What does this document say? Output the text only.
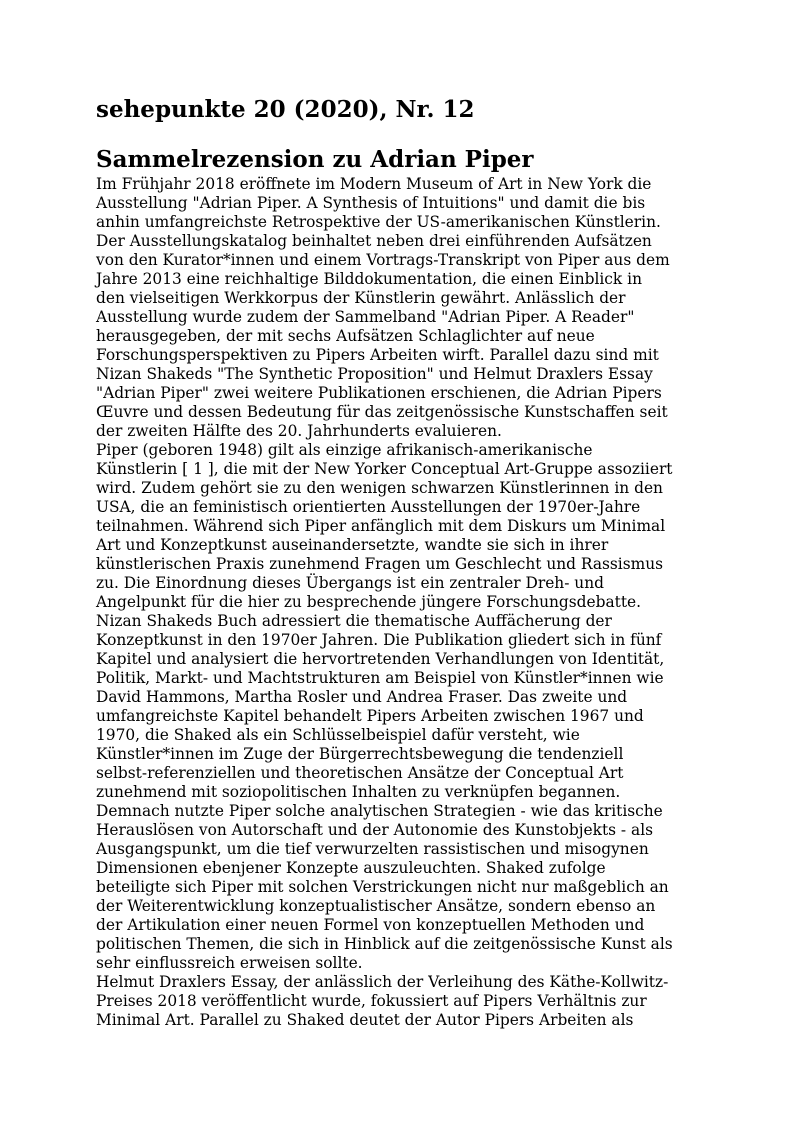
sehepunkte 20 (2020), Nr. 12
Sammelrezension zu Adrian Piper

Im Frühjahr 2018 eröffnete im Modern Museum of Art in New York die
Ausstellung "Adrian Piper. A Synthesis of Intuitions" und damit die bis
anhin umfangreichste Retrospektive der US-amerikanischen Künstlerin.
Der Ausstellungskatalog beinhaltet neben drei einführenden Aufsätzen
von den Kurator*innen und einem Vortrags-Transkript von Piper aus dem
Jahre 2013 eine reichhaltige Bilddokumentation, die einen Einblick in
den vielseitigen Werkkorpus der Künstlerin gewährt. Anlässlich der
Ausstellung wurde zudem der Sammelband "Adrian Piper. A Reader"
herausgegeben, der mit sechs Aufsätzen Schlaglichter auf neue
Forschungsperspektiven zu Pipers Arbeiten wirft. Parallel dazu sind mit
Nizan Shakeds "The Synthetic Proposition" und Helmut Draxlers Essay
"Adrian Piper" zwei weitere Publikationen erschienen, die Adrian Pipers
Œuvre und dessen Bedeutung für das zeitgenössische Kunstschaffen seit
der zweiten Hälfte des 20. Jahrhunderts evaluieren.

Piper (geboren 1948) gilt als einzige afrikanisch-amerikanische
Künstlerin [ 1 ], die mit der New Yorker Conceptual Art-Gruppe assoziiert
wird. Zudem gehört sie zu den wenigen schwarzen Künstlerinnen in den
USA, die an feministisch orientierten Ausstellungen der 1970er-Jahre
teilnahmen. Während sich Piper anfänglich mit dem Diskurs um Minimal
Art und Konzeptkunst auseinandersetzte, wandte sie sich in ihrer
künstlerischen Praxis zunehmend Fragen um Geschlecht und Rassismus
zu. Die Einordnung dieses Übergangs ist ein zentraler Dreh- und
Angelpunkt für die hier zu besprechende jüngere Forschungsdebatte.

Nizan Shakeds Buch adressiert die thematische Auffächerung der
Konzeptkunst in den 1970er Jahren. Die Publikation gliedert sich in fünf
Kapitel und analysiert die hervortretenden Verhandlungen von Identität,
Politik, Markt- und Machtstrukturen am Beispiel von Künstler*innen wie
David Hammons, Martha Rosler und Andrea Fraser. Das zweite und
umfangreichste Kapitel behandelt Pipers Arbeiten zwischen 1967 und
1970, die Shaked als ein Schlüsselbeispiel dafür versteht, wie
Künstler*innen im Zuge der Bürgerrechtsbewegung die tendenziell
selbst-referenziellen und theoretischen Ansätze der Conceptual Art
zunehmend mit soziopolitischen Inhalten zu verknüpfen begannen.
Demnach nutzte Piper solche analytischen Strategien - wie das kritische
Herauslösen von Autorschaft und der Autonomie des Kunstobjekts - als
Ausgangspunkt, um die tief verwurzelten rassistischen und misogynen
Dimensionen ebenjener Konzepte auszuleuchten. Shaked zufolge
beteiligte sich Piper mit solchen Verstrickungen nicht nur maßgeblich an
der Weiterentwicklung konzeptualistischer Ansätze, sondern ebenso an
der Artikulation einer neuen Formel von konzeptuellen Methoden und
politischen Themen, die sich in Hinblick auf die zeitgenössische Kunst als
sehr einflussreich erweisen sollte.

Helmut Draxlers Essay, der anlässlich der Verleihung des Käthe-Kollwitz-
Preises 2018 veröffentlicht wurde, fokussiert auf Pipers Verhältnis zur
Minimal Art. Parallel zu Shaked deutet der Autor Pipers Arbeiten als
